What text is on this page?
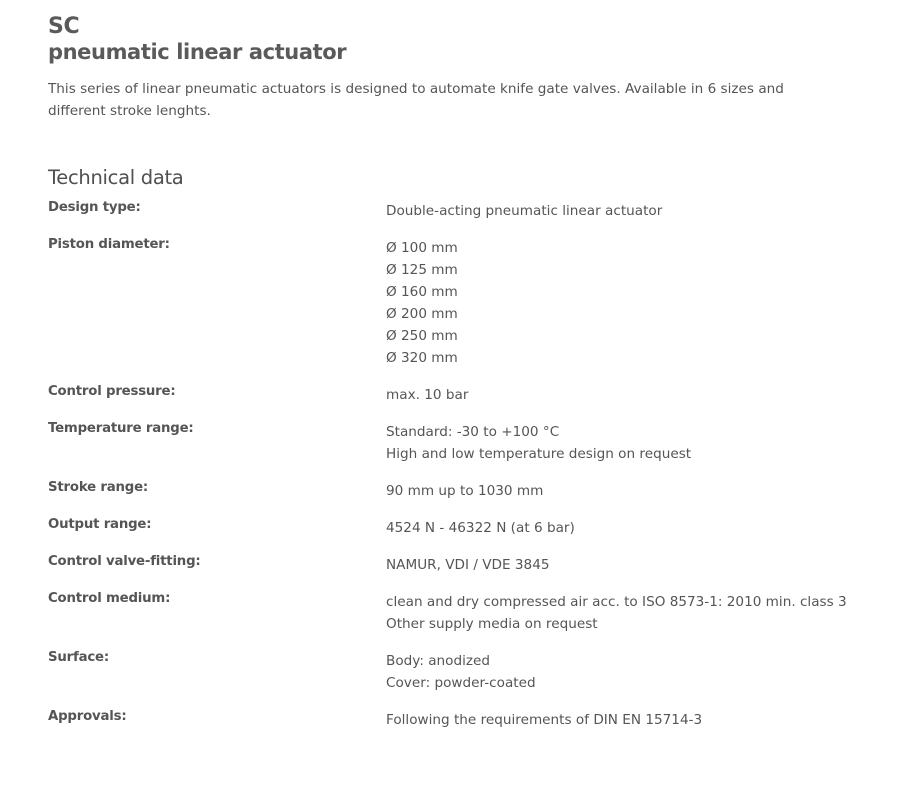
SC
pneumatic linear actuator

This series of linear pneumatic actuators is designed to automate knife gate valves. Available in 6 sizes and different stroke lenghts.

Technical data
Design type:	Double-acting pneumatic linear actuator
Piston diameter:	Ø 100 mm
Ø 125 mm
Ø 160 mm
Ø 200 mm
Ø 250 mm
Ø 320 mm
Control pressure:	max. 10 bar
Temperature range:	Standard: -30 to +100 °C
High and low temperature design on request
Stroke range:	90 mm up to 1030 mm
Output range:	4524 N - 46322 N (at 6 bar)
Control valve-fitting:	NAMUR, VDI / VDE 3845
Control medium:	clean and dry compressed air acc. to ISO 8573-1: 2010 min. class 3 Other supply media on request
Surface:	Body: anodized
Cover: powder-coated
Approvals:	Following the requirements of DIN EN 15714-3
